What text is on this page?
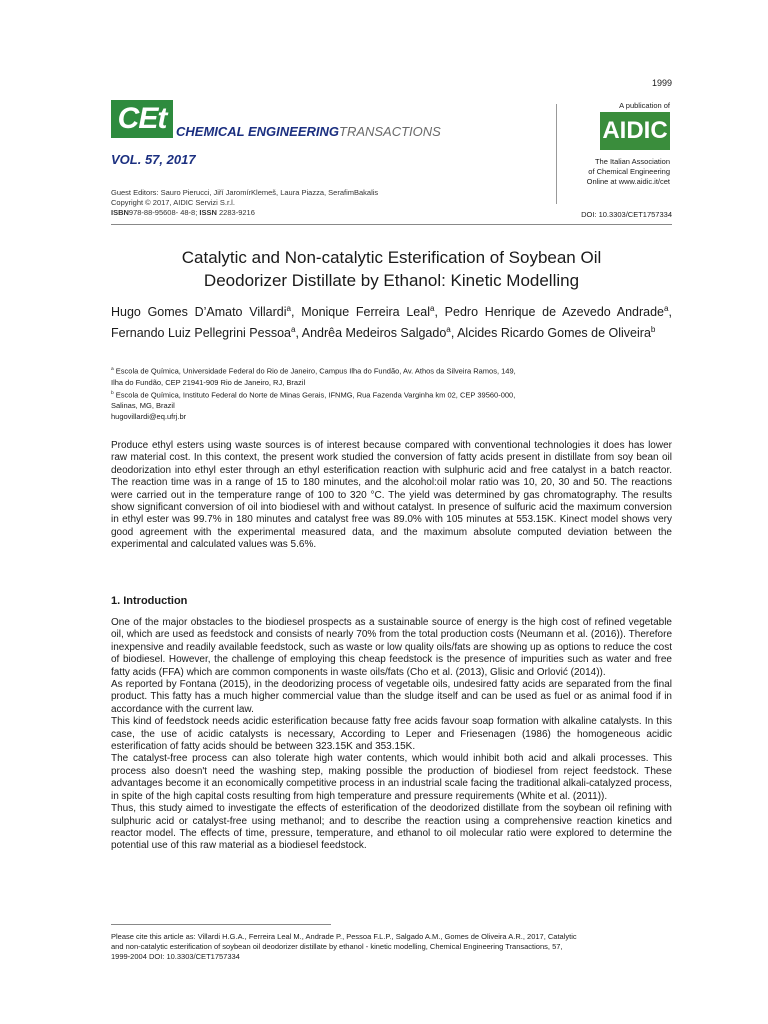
1999
CEt CHEMICAL ENGINEERINGTRANSACTIONS
VOL. 57, 2017
A publication of
AIDIC
The Italian Association
of Chemical Engineering
Online at www.aidic.it/cet
Guest Editors: Sauro Pierucci, Jiří JaromírKlemeš, Laura Piazza, SerafimBakalis
Copyright © 2017, AIDIC Servizi S.r.l.
ISBN978-88-95608- 48-8; ISSN 2283-9216	DOI: 10.3303/CET1757334
Catalytic and Non-catalytic Esterification of Soybean Oil
Deodorizer Distillate by Ethanol: Kinetic Modelling
Hugo Gomes D’Amato Villardi$^a$, Monique Ferreira Leal$^a$, Pedro Henrique de Azevedo Andrade$^a$, Fernando Luiz Pellegrini Pessoa$^a$, Andrêa Medeiros Salgado$^a$, Alcides Ricardo Gomes de Oliveira$^b$
$^a$ Escola de Química, Universidade Federal do Rio de Janeiro, Campus Ilha do Fundão, Av. Athos da Silveira Ramos, 149,
Ilha do Fundão, CEP 21941-909 Rio de Janeiro, RJ, Brazil
$^b$ Escola de Química, Instituto Federal do Norte de Minas Gerais, IFNMG, Rua Fazenda Varginha km 02, CEP 39560-000,
Salinas, MG, Brazil
hugovillardi@eq.ufrj.br
Produce ethyl esters using waste sources is of interest because compared with conventional technologies it does has lower raw material cost. In this context, the present work studied the conversion of fatty acids present in distillate from soy bean oil deodorization into ethyl ester through an ethyl esterification reaction with sulphuric acid and free catalyst in a batch reactor. The reaction time was in a range of 15 to 180 minutes, and the alcohol:oil molar ratio was 10, 20, 30 and 50. The reactions were carried out in the temperature range of 100 to 320 °C. The yield was determined by gas chromatography. The results show significant conversion of oil into biodiesel with and without catalyst. In presence of sulfuric acid the maximum conversion in ethyl ester was 99.7% in 180 minutes and catalyst free was 89.0% with 105 minutes at 553.15K. Kinect model shows very good agreement with the experimental measured data, and the maximum absolute computed deviation between the experimental and calculated values was 5.6%.
1. Introduction

One of the major obstacles to the biodiesel prospects as a sustainable source of energy is the high cost of refined vegetable oil, which are used as feedstock and consists of nearly 70% from the total production costs (Neumann et al. (2016)). Therefore inexpensive and readily available feedstock, such as waste or low quality oils/fats are showing up as options to reduce the cost of biodiesel. However, the challenge of employing this cheap feedstock is the presence of impurities such as water and free fatty acids (FFA) which are common components in waste oils/fats (Cho et al. (2013), Glisic and Orlović (2014)).

As reported by Fontana (2015), in the deodorizing process of vegetable oils, undesired fatty acids are separated from the final product. This fatty has a much higher commercial value than the sludge itself and can be used as fuel or as animal food if in accordance with the current law.

This kind of feedstock needs acidic esterification because fatty free acids favour soap formation with alkaline catalysts. In this case, the use of acidic catalysts is necessary, According to Leper and Friesenagen (1986) the homogeneous acidic esterification of fatty acids should be between 323.15K and 353.15K.

The catalyst-free process can also tolerate high water contents, which would inhibit both acid and alkali processes. This process also doesn't need the washing step, making possible the production of biodiesel from reject feedstock. These advantages become it an economically competitive process in an industrial scale facing the traditional alkali-catalyzed process, in spite of the high capital costs resulting from high temperature and pressure requirements (White et al. (2011)).

Thus, this study aimed to investigate the effects of esterification of the deodorized distillate from the soybean oil refining with sulphuric acid or catalyst-free using methanol; and to describe the reaction using a comprehensive reaction kinetics and reactor model. The effects of time, pressure, temperature, and ethanol to oil molecular ratio were explored to determine the potential use of this raw material as a biodiesel feedstock.

Please cite this article as: Villardi H.G.A., Ferreira Leal M., Andrade P., Pessoa F.L.P., Salgado A.M., Gomes de Oliveira A.R., 2017, Catalytic
and non-catalytic esterification of soybean oil deodorizer distillate by ethanol - kinetic modelling, Chemical Engineering Transactions, 57,
1999-2004 DOI: 10.3303/CET1757334
